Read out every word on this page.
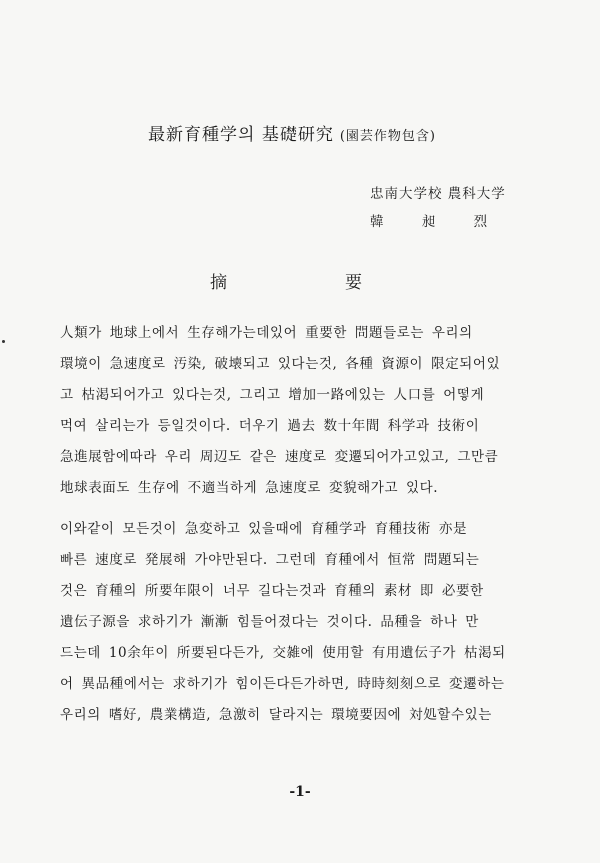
最新育種学의 基礎研究 (園芸作物包含)
忠南大学校 農科大学
韓 昶 烈
摘	要
人類가 地球上에서 生存해가는데있어 重要한 問題들로는 우리의
環境이 急速度로 汚染, 破壊되고 있다는것, 各種 資源이 限定되어있
고 枯渇되어가고 있다는것, 그리고 增加一路에있는 人口를 어떻게
먹여 살리는가 등일것이다. 더우기 過去 数十年間 科学과 技術이
急進展함에따라 우리 周辺도 같은 速度로 変遷되어가고있고, 그만큼
地球表面도 生存에 不適当하게 急速度로 変貌해가고 있다.
이와같이 모든것이 急変하고 있을때에 育種学과 育種技術 亦是
빠른 速度로 発展해 가야만된다. 그런데 育種에서 恒常 問題되는
것은 育種의 所要年限이 너무 길다는것과 育種의 素材 即 必要한
遺伝子源을 求하기가 漸漸 힘들어졌다는 것이다. 品種을 하나 만
드는데 10余年이 所要된다든가, 交雑에 使用할 有用遺伝子가 枯渇되
어 異品種에서는 求하기가 힘이든다든가하면, 時時刻刻으로 変遷하는
우리의 嗜好, 農業構造, 急激히 달라지는 環境要因에 対処할수있는
-1-
